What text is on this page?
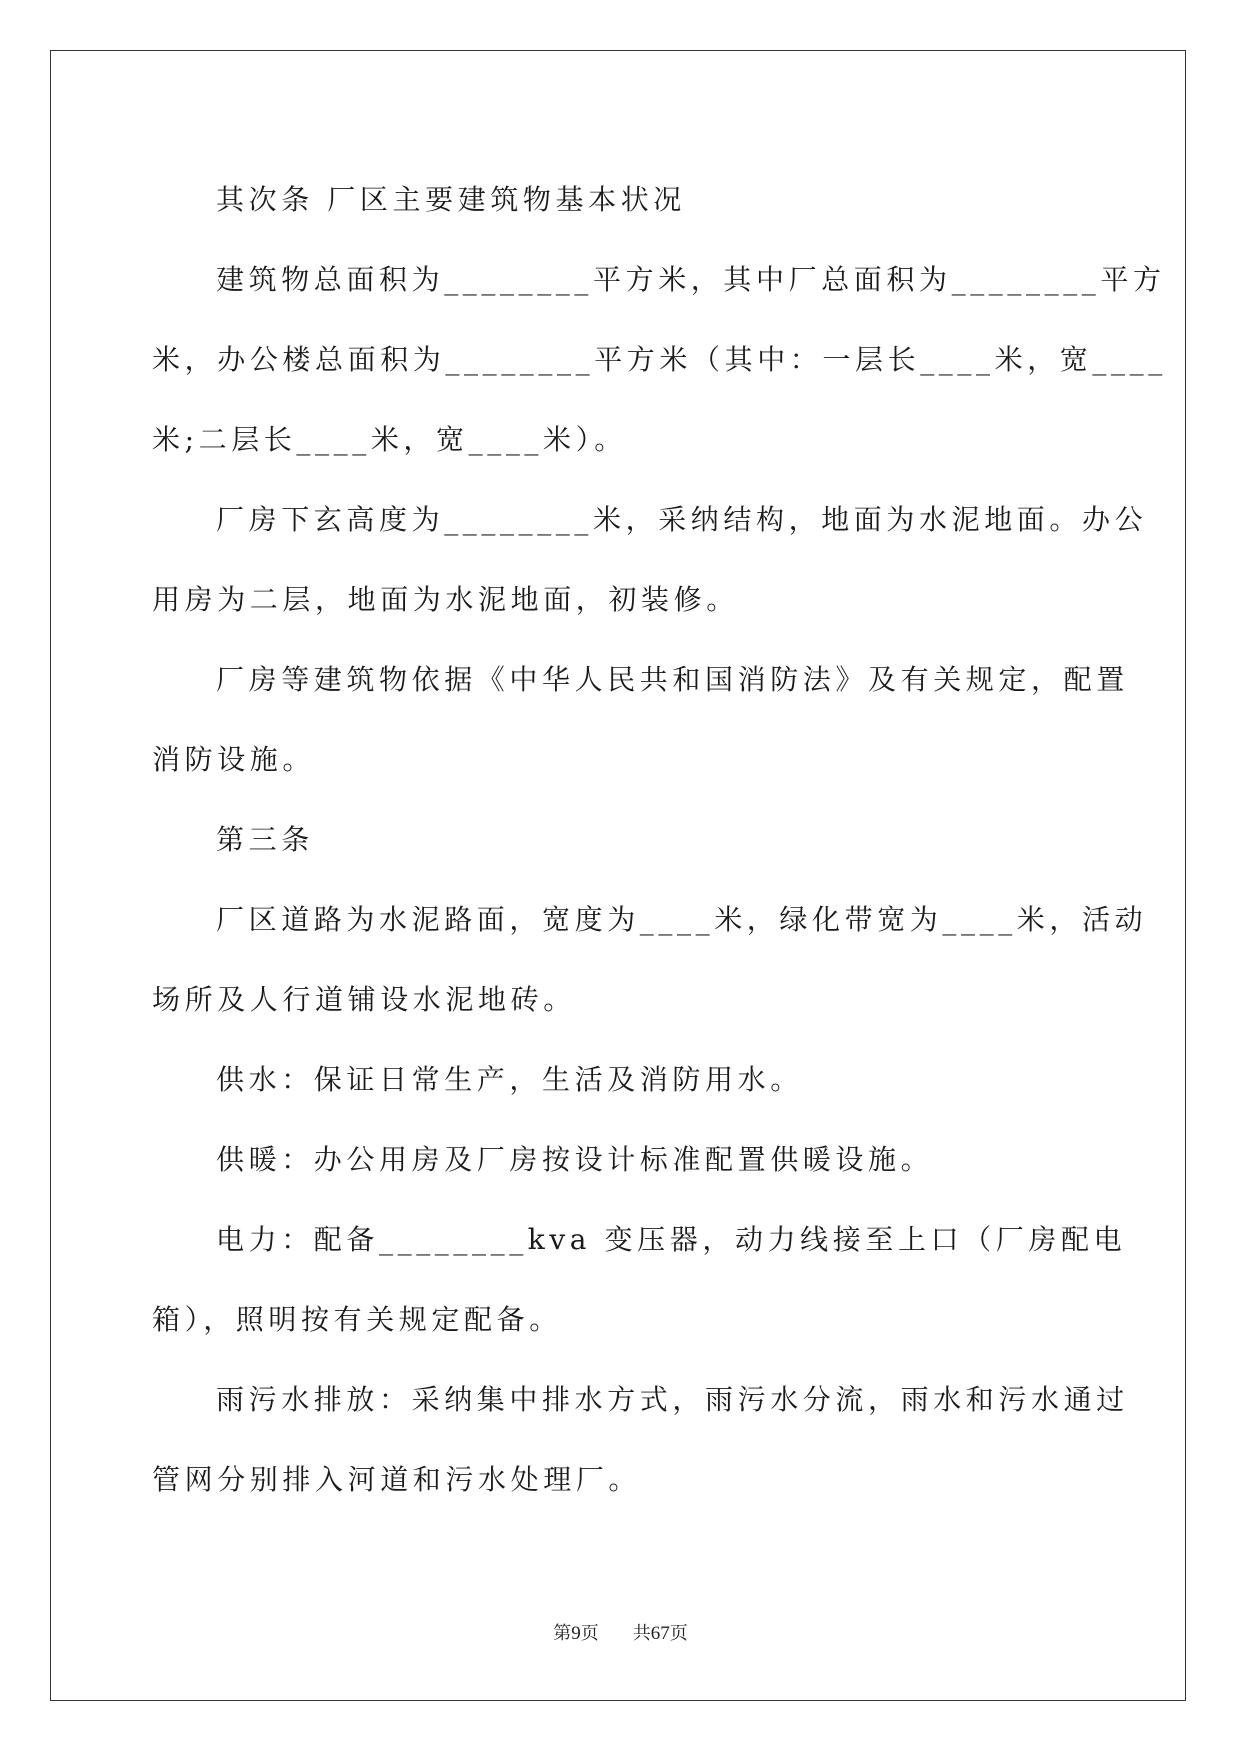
其次条 厂区主要建筑物基本状况

建筑物总面积为________平方米，其中厂总面积为________平方

米，办公楼总面积为________平方米（其中：一层长____米，宽____

米;二层长____米，宽____米）。

厂房下玄高度为________米，采纳结构，地面为水泥地面。办公

用房为二层，地面为水泥地面，初装修。

厂房等建筑物依据《中华人民共和国消防法》及有关规定，配置

消防设施。

第三条

厂区道路为水泥路面，宽度为____米，绿化带宽为____米，活动

场所及人行道铺设水泥地砖。

供水：保证日常生产，生活及消防用水。

供暖：办公用房及厂房按设计标准配置供暖设施。

电力：配备________kva 变压器，动力线接至上口（厂房配电

箱），照明按有关规定配备。

雨污水排放：采纳集中排水方式，雨污水分流，雨水和污水通过

管网分别排入河道和污水处理厂。

第9页 共67页
